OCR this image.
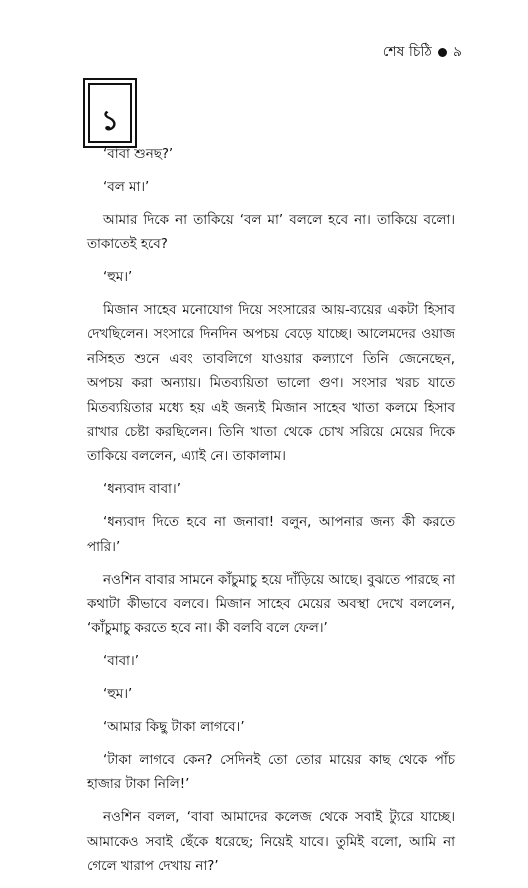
শেষ চিঠি ৯
১

‘বাবা শুনছ?’

‘বল মা।’

আমার দিকে না তাকিয়ে ‘বল মা’ বললে হবে না। তাকিয়ে বলো। তাকাতেই হবে?

‘হুম।’

মিজান সাহেব মনোযোগ দিয়ে সংসারের আয়-ব্যয়ের একটা হিসাব দেখছিলেন। সংসারে দিনদিন অপচয় বেড়ে যাচ্ছে। আলেমদের ওয়াজ নসিহত শুনে এবং তাবলিগে যাওয়ার কল্যাণে তিনি জেনেছেন, অপচয় করা অন্যায়। মিতব্যয়িতা ভালো গুণ। সংসার খরচ যাতে মিতব্যয়িতার মধ্যে হয় এই জন্যই মিজান সাহেব খাতা কলমে হিসাব রাখার চেষ্টা করছিলেন। তিনি খাতা থেকে চোখ সরিয়ে মেয়ের দিকে তাকিয়ে বললেন, এ্যাই নে। তাকালাম।

‘ধন্যবাদ বাবা।’

‘ধন্যবাদ দিতে হবে না জনাবা! বলুন, আপনার জন্য কী করতে পারি।’

নওশিন বাবার সামনে কাঁচুমাচু হয়ে দাঁড়িয়ে আছে। বুঝতে পারছে না কথাটা কীভাবে বলবে। মিজান সাহেব মেয়ের অবস্থা দেখে বললেন, ‘কাঁচুমাচু করতে হবে না। কী বলবি বলে ফেল।’

‘বাবা।’

‘হুম।’

‘আমার কিছু টাকা লাগবে।’

‘টাকা লাগবে কেন? সেদিনই তো তোর মায়ের কাছ থেকে পাঁচ হাজার টাকা নিলি!’

নওশিন বলল, ‘বাবা আমাদের কলেজ থেকে সবাই ট্যুরে যাচ্ছে। আমাকেও সবাই ছেঁকে ধরেছে; নিয়েই যাবে। তুমিই বলো, আমি না গেলে খারাপ দেখায় না?’
